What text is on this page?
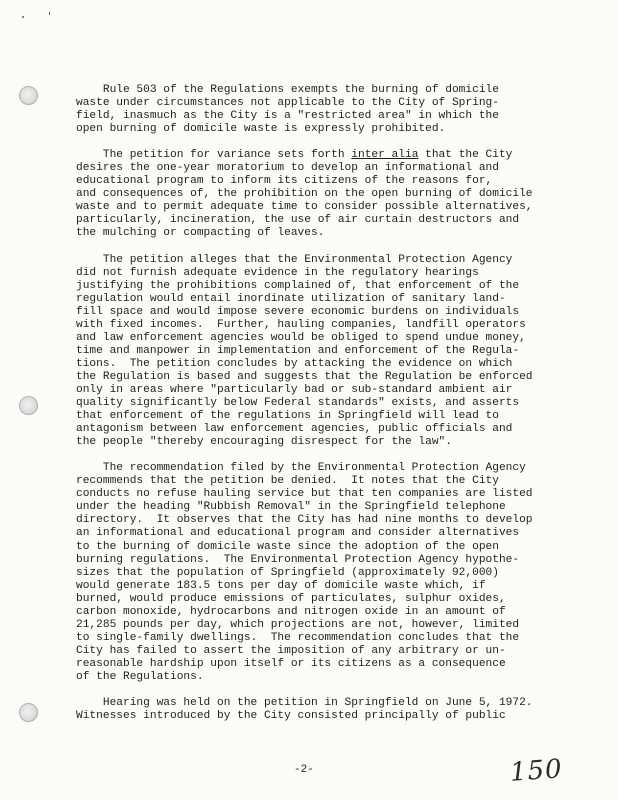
Rule 503 of the Regulations exempts the burning of domicile
waste under circumstances not applicable to the City of Spring-
field, inasmuch as the City is a "restricted area" in which the
open burning of domicile waste is expressly prohibited.

The petition for variance sets forth inter alia that the City
desires the one-year moratorium to develop an informational and
educational program to inform its citizens of the reasons for,
and consequences of, the prohibition on the open burning of domicile
waste and to permit adequate time to consider possible alternatives,
particularly, incineration, the use of air curtain destructors and
the mulching or compacting of leaves.

The petition alleges that the Environmental Protection Agency
did not furnish adequate evidence in the regulatory hearings
justifying the prohibitions complained of, that enforcement of the
regulation would entail inordinate utilization of sanitary land-
fill space and would impose severe economic burdens on individuals
with fixed incomes.  Further, hauling companies, landfill operators
and law enforcement agencies would be obliged to spend undue money,
time and manpower in implementation and enforcement of the Regula-
tions.  The petition concludes by attacking the evidence on which
the Regulation is based and suggests that the Regulation be enforced
only in areas where "particularly bad or sub-standard ambient air
quality significantly below Federal standards" exists, and asserts
that enforcement of the regulations in Springfield will lead to
antagonism between law enforcement agencies, public officials and
the people "thereby encouraging disrespect for the law".

The recommendation filed by the Environmental Protection Agency
recommends that the petition be denied.  It notes that the City
conducts no refuse hauling service but that ten companies are listed
under the heading "Rubbish Removal" in the Springfield telephone
directory.  It observes that the City has had nine months to develop
an informational and educational program and consider alternatives
to the burning of domicile waste since the adoption of the open
burning regulations.  The Environmental Protection Agency hypothe-
sizes that the population of Springfield (approximately 92,000)
would generate 183.5 tons per day of domicile waste which, if
burned, would produce emissions of particulates, sulphur oxides,
carbon monoxide, hydrocarbons and nitrogen oxide in an amount of
21,285 pounds per day, which projections are not, however, limited
to single-family dwellings.  The recommendation concludes that the
City has failed to assert the imposition of any arbitrary or un-
reasonable hardship upon itself or its citizens as a consequence
of the Regulations.

Hearing was held on the petition in Springfield on June 5, 1972.
Witnesses introduced by the City consisted principally of public

-2-	150
